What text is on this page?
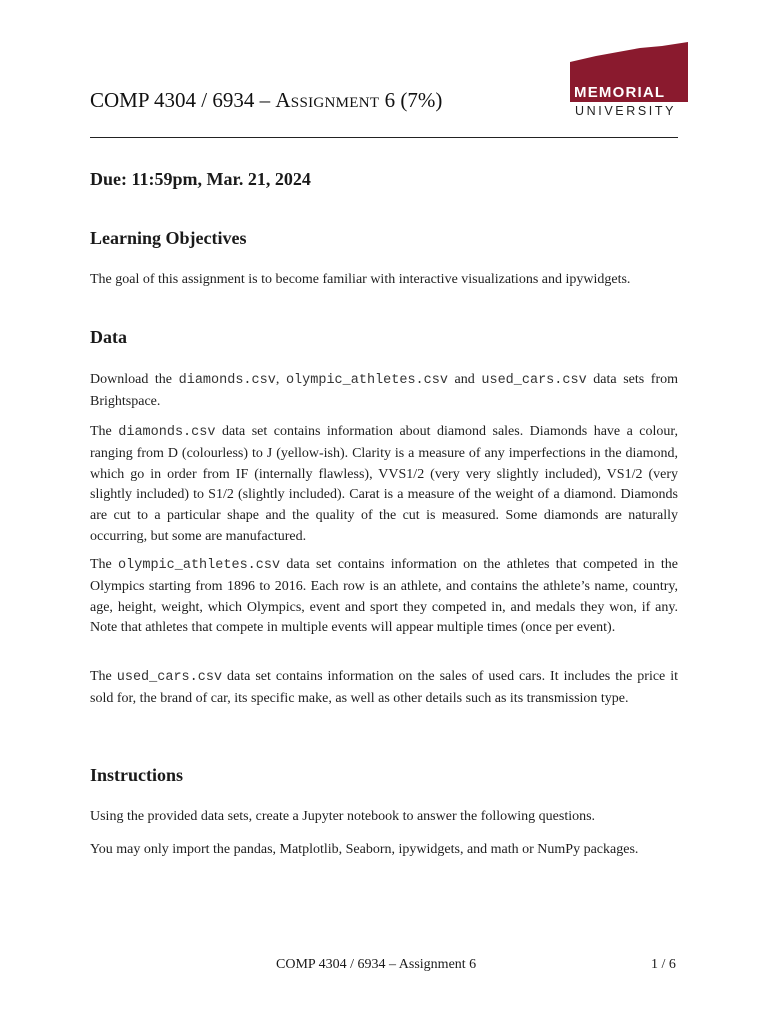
COMP 4304 / 6934 – Assignment 6 (7%)	MEMORIAL
UNIVERSITY
Due: 11:59pm, Mar. 21, 2024
Learning Objectives
The goal of this assignment is to become familiar with interactive visualizations and ipywidgets.
Data
Download the diamonds.csv, olympic_athletes.csv and used_cars.csv data sets from Brightspace.
The diamonds.csv data set contains information about diamond sales. Diamonds have a colour, ranging from D (colourless) to J (yellow-ish). Clarity is a measure of any imperfections in the diamond, which go in order from IF (internally flawless), VVS1/2 (very very slightly included), VS1/2 (very slightly included) to S1/2 (slightly included). Carat is a measure of the weight of a diamond. Diamonds are cut to a particular shape and the quality of the cut is measured. Some diamonds are naturally occurring, but some are manufactured.
The olympic_athletes.csv data set contains information on the athletes that competed in the Olympics starting from 1896 to 2016. Each row is an athlete, and contains the athlete’s name, country, age, height, weight, which Olympics, event and sport they competed in, and medals they won, if any. Note that athletes that compete in multiple events will appear multiple times (once per event).
The used_cars.csv data set contains information on the sales of used cars. It includes the price it sold for, the brand of car, its specific make, as well as other details such as its transmission type.
Instructions
Using the provided data sets, create a Jupyter notebook to answer the following questions.
You may only import the pandas, Matplotlib, Seaborn, ipywidgets, and math or NumPy packages.
COMP 4304 / 6934 – Assignment 6	1 / 6
